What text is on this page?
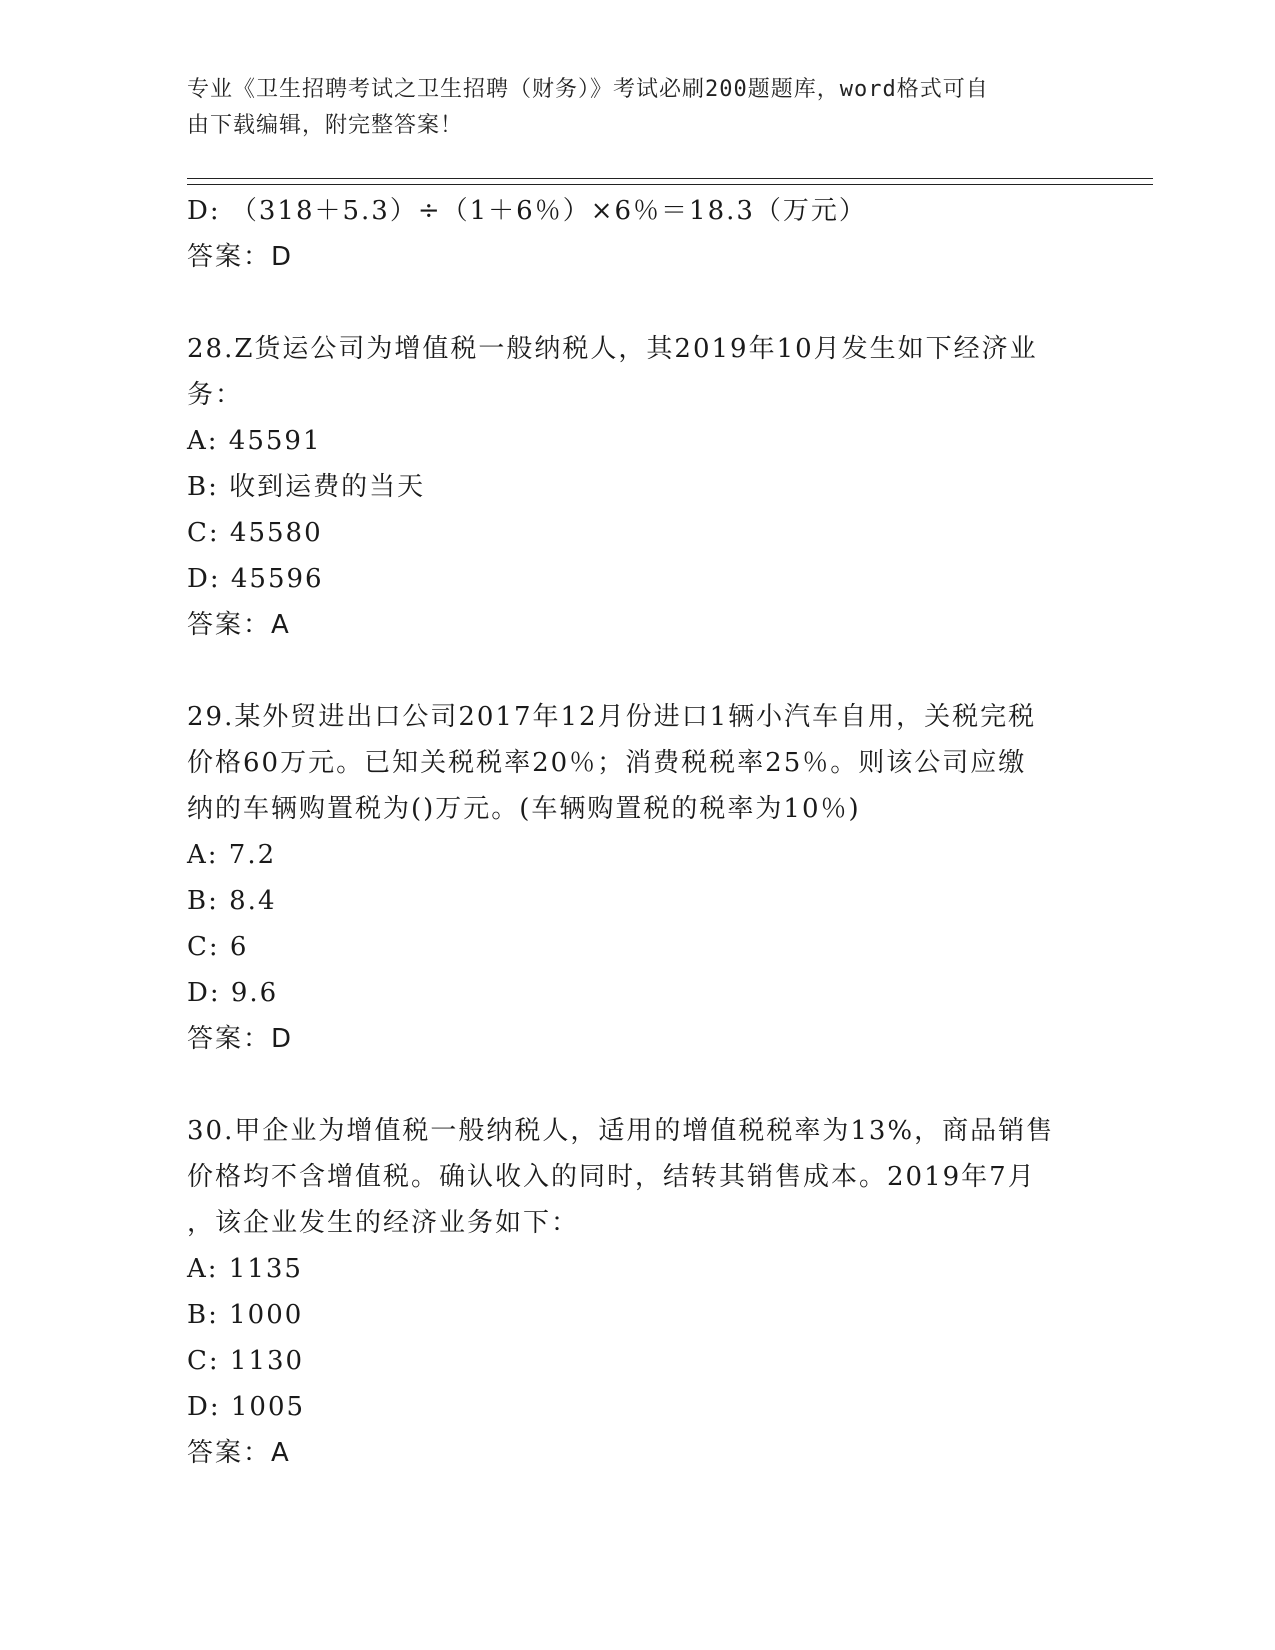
专业《卫生招聘考试之卫生招聘（财务）》考试必刷200题题库，word格式可自
由下载编辑，附完整答案！

D: （318＋5.3）÷（1＋6％）×6％＝18.3（万元）

答案：D

28.Z货运公司为增值税一般纳税人，其2019年10月发生如下经济业

务：

A: 45591

B: 收到运费的当天

C: 45580

D: 45596

答案：A

29.某外贸进出口公司2017年12月份进口1辆小汽车自用，关税完税

价格60万元。已知关税税率20％；消费税税率25％。则该公司应缴

纳的车辆购置税为()万元。(车辆购置税的税率为10％)

A: 7.2

B: 8.4

C: 6

D: 9.6

答案：D

30.甲企业为增值税一般纳税人，适用的增值税税率为13%，商品销售

价格均不含增值税。确认收入的同时，结转其销售成本。2019年7月

，该企业发生的经济业务如下：

A: 1135

B: 1000

C: 1130

D: 1005

答案：A
